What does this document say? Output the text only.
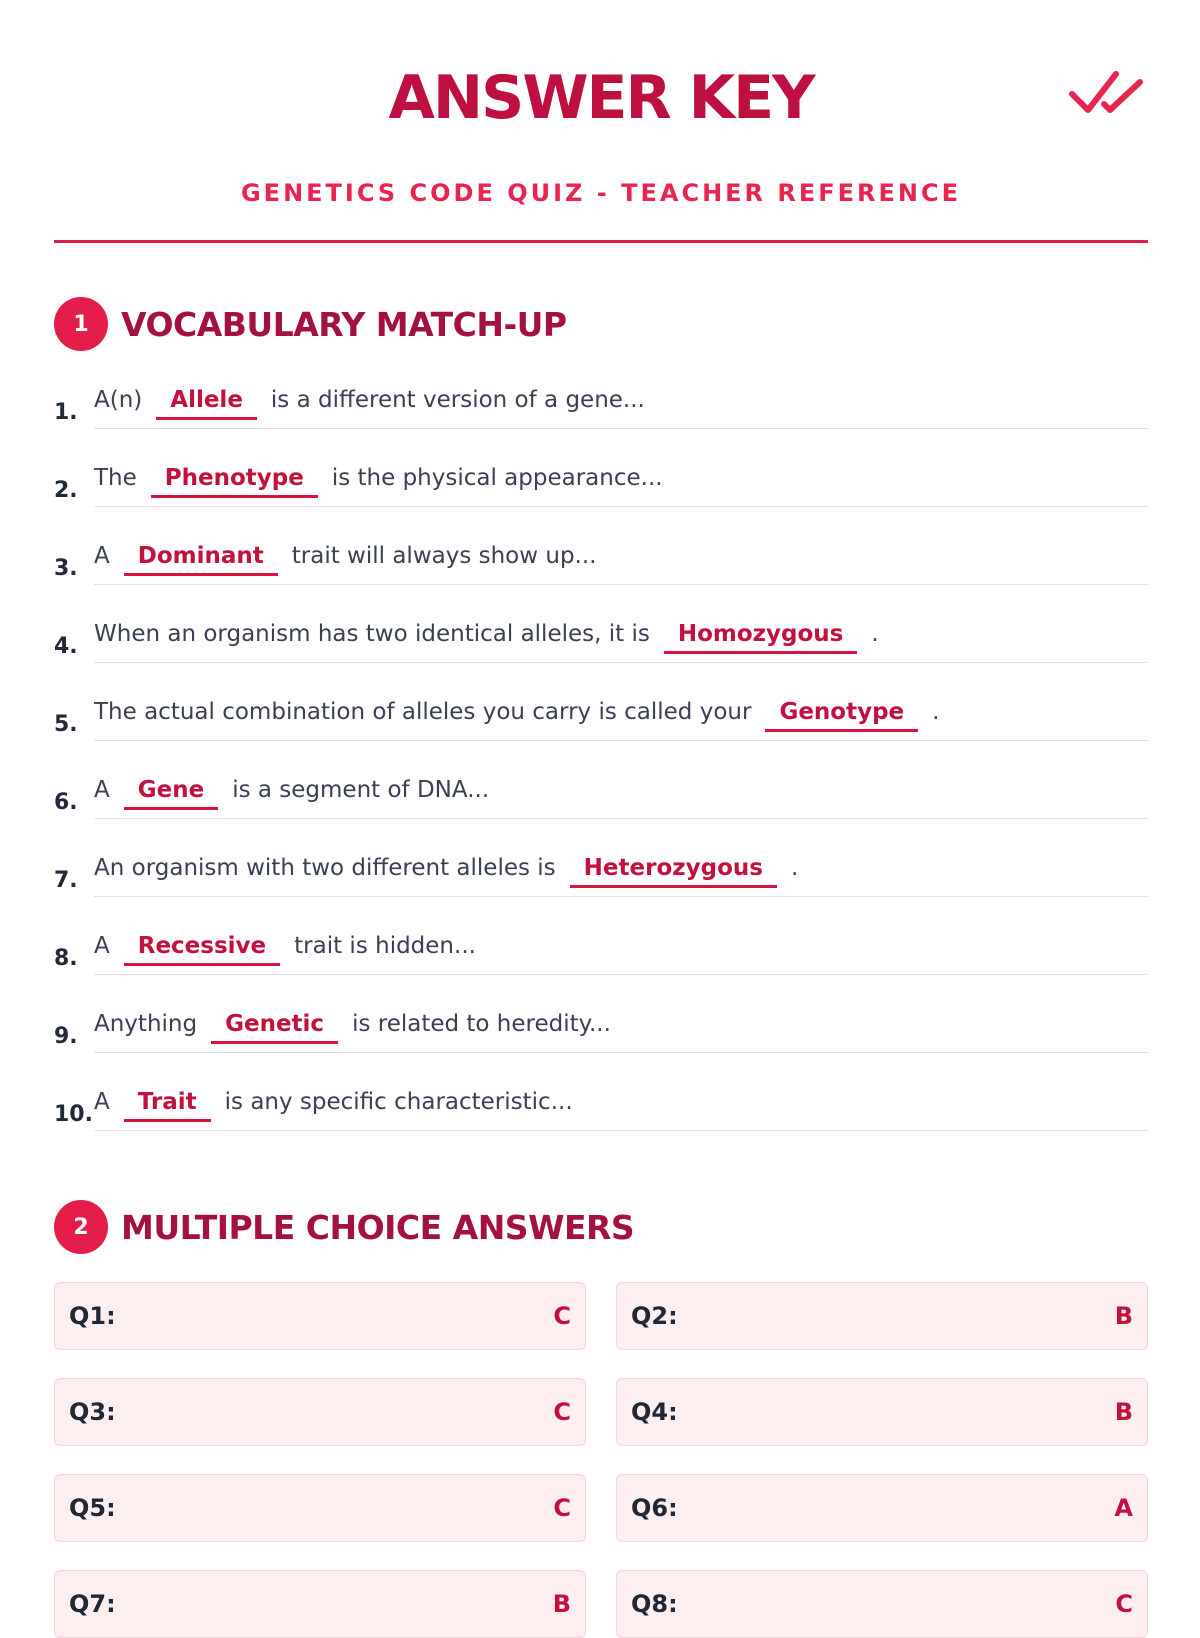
ANSWER KEY
GENETICS CODE QUIZ - TEACHER REFERENCE
1 VOCABULARY MATCH-UP
1. A(n)	Allele	is a different version of a gene...
2. The	Phenotype	is the physical appearance...
3. A	Dominant	trait will always show up...
4. When an organism has two identical alleles, it is	Homozygous	.
5. The actual combination of alleles you carry is called your	Genotype	.
6. A	Gene	is a segment of DNA...
7. An organism with two different alleles is	Heterozygous	.
8. A	Recessive	trait is hidden...
9. Anything	Genetic	is related to heredity...
10. A	Trait	is any specific characteristic...
2 MULTIPLE CHOICE ANSWERS
Q1:	C	Q2:	B
Q3:	C	Q4:	B
Q5:	C	Q6:	A
Q7:	B	Q8:	C
